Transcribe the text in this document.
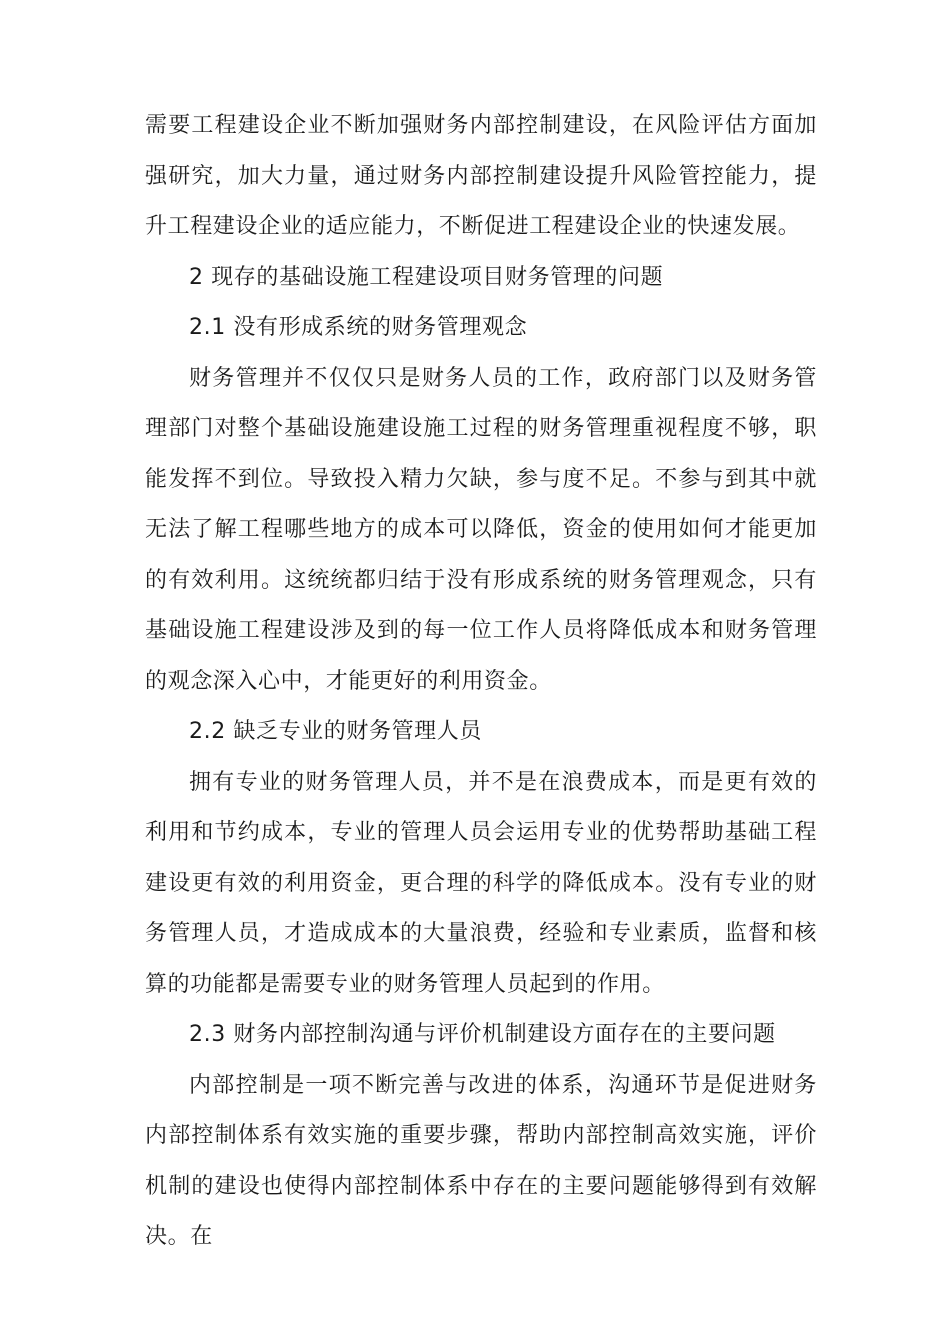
需要工程建设企业不断加强财务内部控制建设，在风险评估方面加强研究，加大力量，通过财务内部控制建设提升风险管控能力，提升工程建设企业的适应能力，不断促进工程建设企业的快速发展。

2 现存的基础设施工程建设项目财务管理的问题

2.1 没有形成系统的财务管理观念

财务管理并不仅仅只是财务人员的工作，政府部门以及财务管理部门对整个基础设施建设施工过程的财务管理重视程度不够，职能发挥不到位。导致投入精力欠缺，参与度不足。不参与到其中就无法了解工程哪些地方的成本可以降低，资金的使用如何才能更加的有效利用。这统统都归结于没有形成系统的财务管理观念，只有基础设施工程建设涉及到的每一位工作人员将降低成本和财务管理的观念深入心中，才能更好的利用资金。

2.2 缺乏专业的财务管理人员

拥有专业的财务管理人员，并不是在浪费成本，而是更有效的利用和节约成本，专业的管理人员会运用专业的优势帮助基础工程建设更有效的利用资金，更合理的科学的降低成本。没有专业的财务管理人员，才造成成本的大量浪费，经验和专业素质，监督和核算的功能都是需要专业的财务管理人员起到的作用。

2.3 财务内部控制沟通与评价机制建设方面存在的主要问题

内部控制是一项不断完善与改进的体系，沟通环节是促进财务内部控制体系有效实施的重要步骤，帮助内部控制高效实施，评价机制的建设也使得内部控制体系中存在的主要问题能够得到有效解决。在
